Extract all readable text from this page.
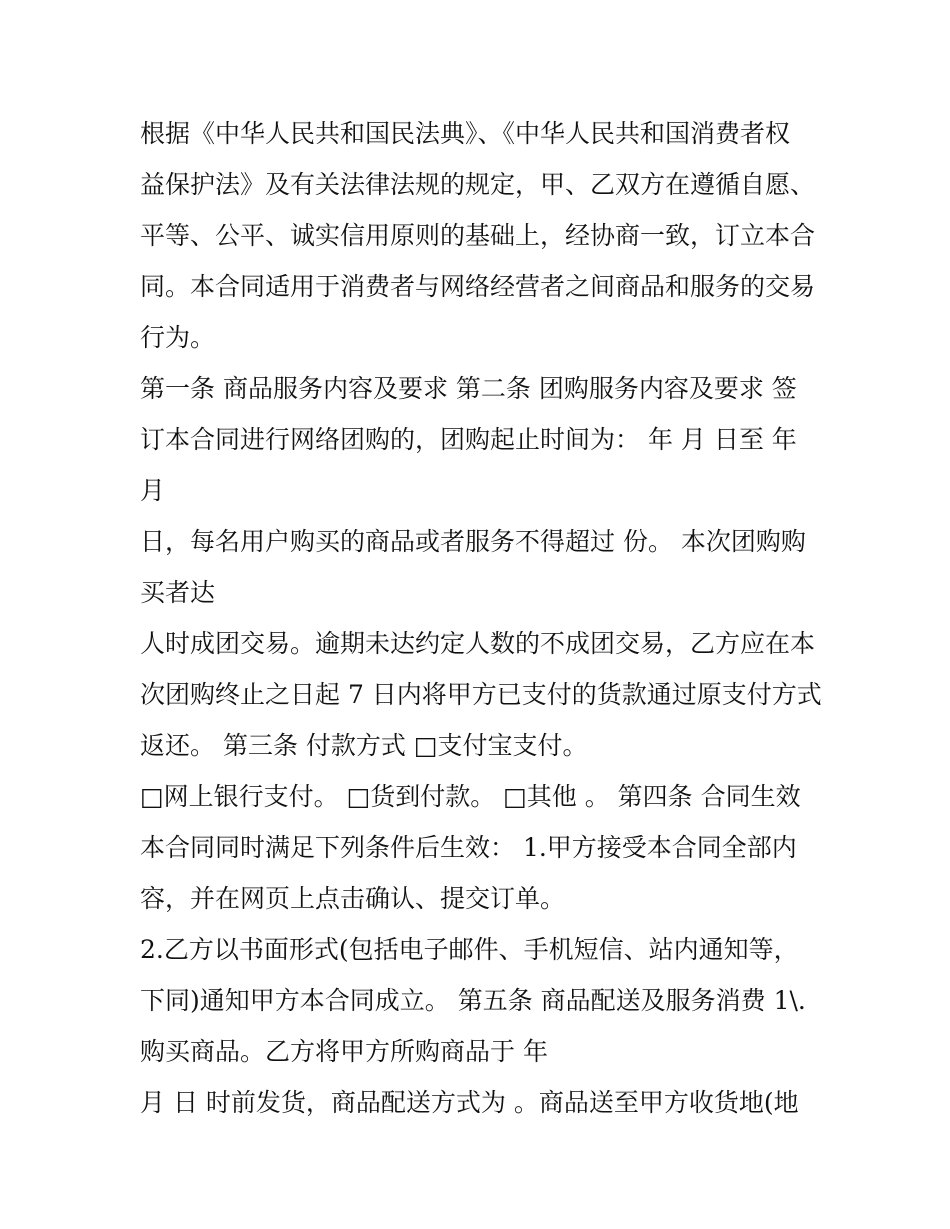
根据《中华人民共和国民法典》、《中华人民共和国消费者权
益保护法》及有关法律法规的规定，甲、乙双方在遵循自愿、
平等、公平、诚实信用原则的基础上，经协商一致，订立本合
同。本合同适用于消费者与网络经营者之间商品和服务的交易
行为。
第一条 商品服务内容及要求 第二条 团购服务内容及要求 签
订本合同进行网络团购的，团购起止时间为： 年 月 日至 年
月
日，每名用户购买的商品或者服务不得超过 份。 本次团购购
买者达
人时成团交易。逾期未达约定人数的不成团交易，乙方应在本
次团购终止之日起 7 日内将甲方已支付的货款通过原支付方式
返还。 第三条 付款方式 □支付宝支付。
□网上银行支付。 □货到付款。 □其他 。 第四条 合同生效
本合同同时满足下列条件后生效： 1.甲方接受本合同全部内
容，并在网页上点击确认、提交订单。
2.乙方以书面形式(包括电子邮件、手机短信、站内通知等，
下同)通知甲方本合同成立。 第五条 商品配送及服务消费 1\.
购买商品。乙方将甲方所购商品于 年
月 日 时前发货，商品配送方式为 。商品送至甲方收货地(地
